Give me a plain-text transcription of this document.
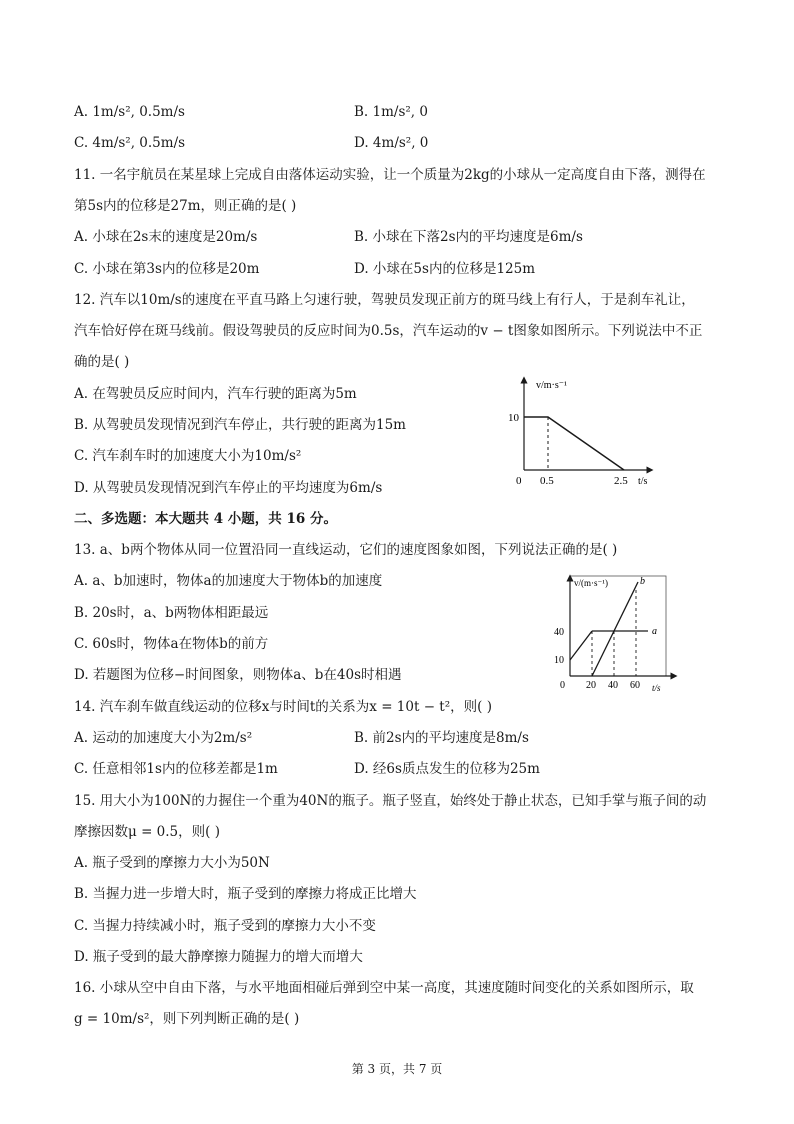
A. 1m/s², 0.5m/s	B. 1m/s², 0
C. 4m/s², 0.5m/s	D. 4m/s², 0
11. 一名宇航员在某星球上完成自由落体运动实验，让一个质量为2kg的小球从一定高度自由下落，测得在
第5s内的位移是27m，则正确的是( )
A. 小球在2s末的速度是20m/s	B. 小球在下落2s内的平均速度是6m/s
C. 小球在第3s内的位移是20m	D. 小球在5s内的位移是125m
12. 汽车以10m/s的速度在平直马路上匀速行驶，驾驶员发现正前方的斑马线上有行人，于是刹车礼让，
汽车恰好停在斑马线前。假设驾驶员的反应时间为0.5s，汽车运动的v − t图象如图所示。下列说法中不正
确的是( )
A. 在驾驶员反应时间内，汽车行驶的距离为5m
B. 从驾驶员发现情况到汽车停止，共行驶的距离为15m
C. 汽车刹车时的加速度大小为10m/s²
D. 从驾驶员发现情况到汽车停止的平均速度为6m/s
v/m·s⁻¹
10
0 0.5	2.5 t/s
二、多选题：本大题共 4 小题，共 16 分。
13. a、b两个物体从同一位置沿同一直线运动，它们的速度图象如图，下列说法正确的是( )
A. a、b加速时，物体a的加速度大于物体b的加速度
B. 20s时，a、b两物体相距最远
C. 60s时，物体a在物体b的前方
D. 若题图为位移−时间图象，则物体a、b在40s时相遇
v/(m·s⁻¹)	b
a
40
10
0 20 40 60 t/s
14. 汽车刹车做直线运动的位移x与时间t的关系为x = 10t − t²，则( )
A. 运动的加速度大小为2m/s²	B. 前2s内的平均速度是8m/s
C. 任意相邻1s内的位移差都是1m	D. 经6s质点发生的位移为25m
15. 用大小为100N的力握住一个重为40N的瓶子。瓶子竖直，始终处于静止状态，已知手掌与瓶子间的动
摩擦因数μ = 0.5，则( )
A. 瓶子受到的摩擦力大小为50N
B. 当握力进一步增大时，瓶子受到的摩擦力将成正比增大
C. 当握力持续减小时，瓶子受到的摩擦力大小不变
D. 瓶子受到的最大静摩擦力随握力的增大而增大
16. 小球从空中自由下落，与水平地面相碰后弹到空中某一高度，其速度随时间变化的关系如图所示，取
g = 10m/s²，则下列判断正确的是( )
第 3 页，共 7 页
